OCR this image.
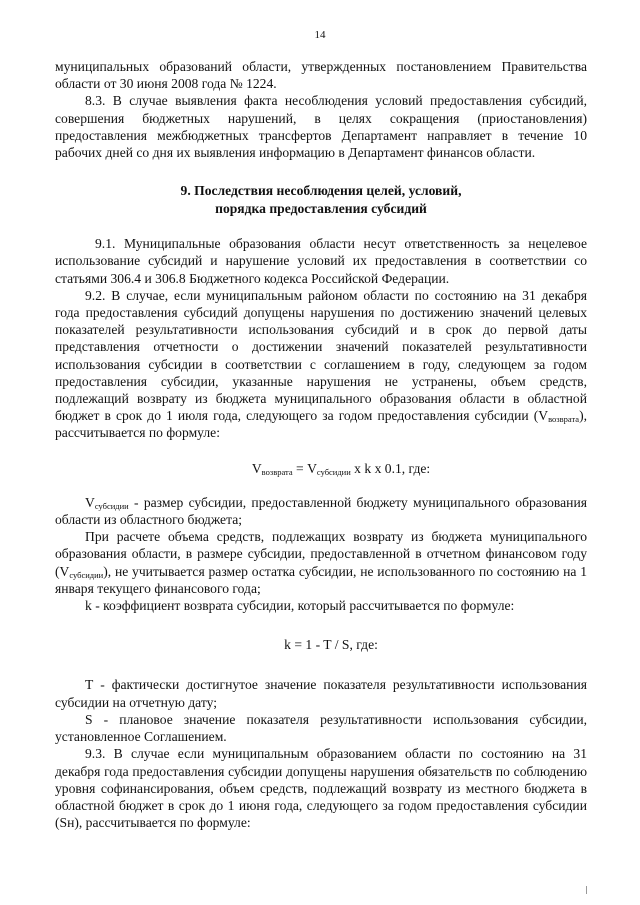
14

муниципальных образований области, утвержденных постановлением Правительства области от 30 июня 2008 года № 1224.

8.3. В случае выявления факта несоблюдения условий предоставления субсидий, совершения бюджетных нарушений, в целях сокращения (приостановления) предоставления межбюджетных трансфертов Департамент направляет в течение 10 рабочих дней со дня их выявления информацию в Департамент финансов области.

9. Последствия несоблюдения целей, условий,
порядка предоставления субсидий

9.1. Муниципальные образования области несут ответственность за нецелевое использование субсидий и нарушение условий их предоставления в соответствии со статьями 306.4 и 306.8 Бюджетного кодекса Российской Федерации.

9.2. В случае, если муниципальным районом области по состоянию на 31 декабря года предоставления субсидий допущены нарушения по достижению значений целевых показателей результативности использования субсидий и в срок до первой даты представления отчетности о достижении значений показателей результативности использования субсидии в соответствии с соглашением в году, следующем за годом предоставления субсидии, указанные нарушения не устранены, объем средств, подлежащий возврату из бюджета муниципального образования области в областной бюджет в срок до 1 июля года, следующего за годом предоставления субсидии $(V_{возврата})$, рассчитывается по формуле:

$V_{возврата} = V_{субсидии}$ x k x 0.1, где:

$V_{субсидии}$ - размер субсидии, предоставленной бюджету муниципального образования области из областного бюджета;

При расчете объема средств, подлежащих возврату из бюджета муниципального образования области, в размере субсидии, предоставленной в отчетном финансовом году $(V_{субсидии})$, не учитывается размер остатка субсидии, не использованного по состоянию на 1 января текущего финансового года;

k - коэффициент возврата субсидии, который рассчитывается по формуле:

k = 1 - T / S, где:

Т - фактически достигнутое значение показателя результативности использования субсидии на отчетную дату;

S - плановое значение показателя результативности использования субсидии, установленное Соглашением.

9.3. В случае если муниципальным образованием области по состоянию на 31 декабря года предоставления субсидии допущены нарушения обязательств по соблюдению уровня софинансирования, объем средств, подлежащий возврату из местного бюджета в областной бюджет в срок до 1 июня года, следующего за годом предоставления субсидии (Sн), рассчитывается по формуле:
